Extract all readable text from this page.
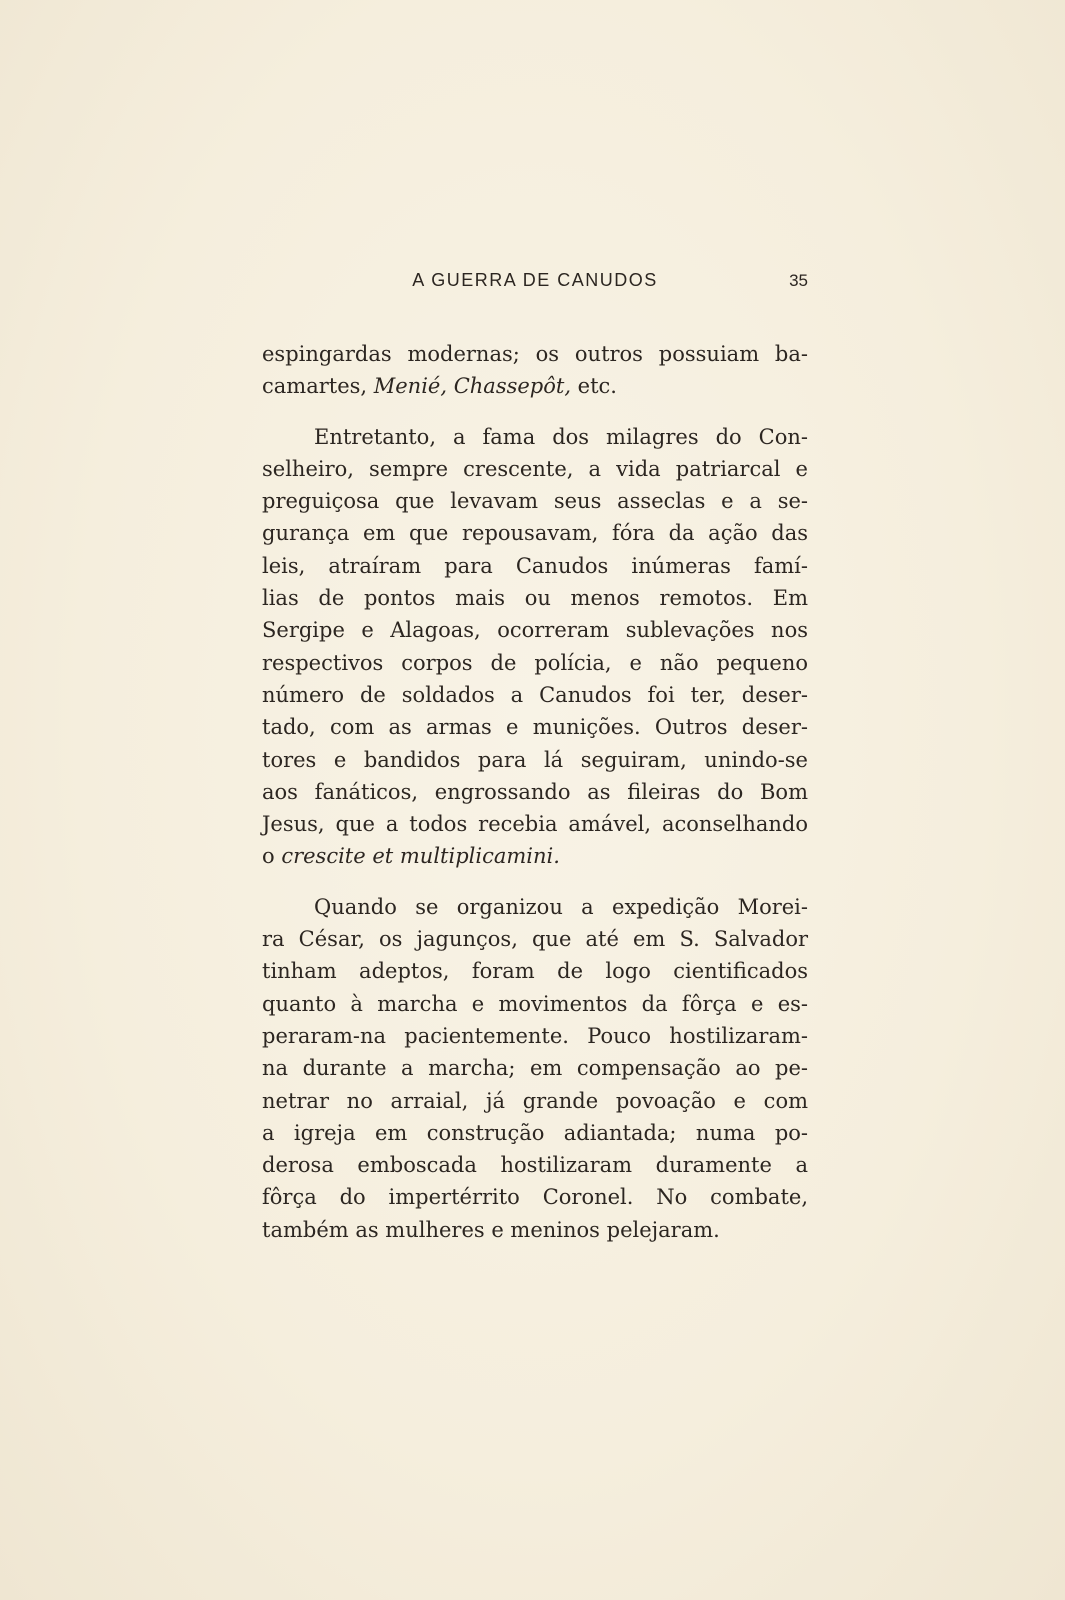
A GUERRA DE CANUDOS	35
espingardas modernas; os outros possuiam ba-
camartes, Menié, Chassepôt, etc.
Entretanto, a fama dos milagres do Con-
selheiro, sempre crescente, a vida patriarcal e
preguiçosa que levavam seus asseclas e a se-
gurança em que repousavam, fóra da ação das
leis, atraíram para Canudos inúmeras famí-
lias de pontos mais ou menos remotos. Em
Sergipe e Alagoas, ocorreram sublevações nos
respectivos corpos de polícia, e não pequeno
número de soldados a Canudos foi ter, deser-
tado, com as armas e munições. Outros deser-
tores e bandidos para lá seguiram, unindo-se
aos fanáticos, engrossando as fileiras do Bom
Jesus, que a todos recebia amável, aconselhando
o crescite et multiplicamini.
Quando se organizou a expedição Morei-
ra César, os jagunços, que até em S. Salvador
tinham adeptos, foram de logo cientificados
quanto à marcha e movimentos da fôrça e es-
peraram-na pacientemente. Pouco hostilizaram-
na durante a marcha; em compensação ao pe-
netrar no arraial, já grande povoação e com
a igreja em construção adiantada; numa po-
derosa emboscada hostilizaram duramente a
fôrça do impertérrito Coronel. No combate,
também as mulheres e meninos pelejaram.
